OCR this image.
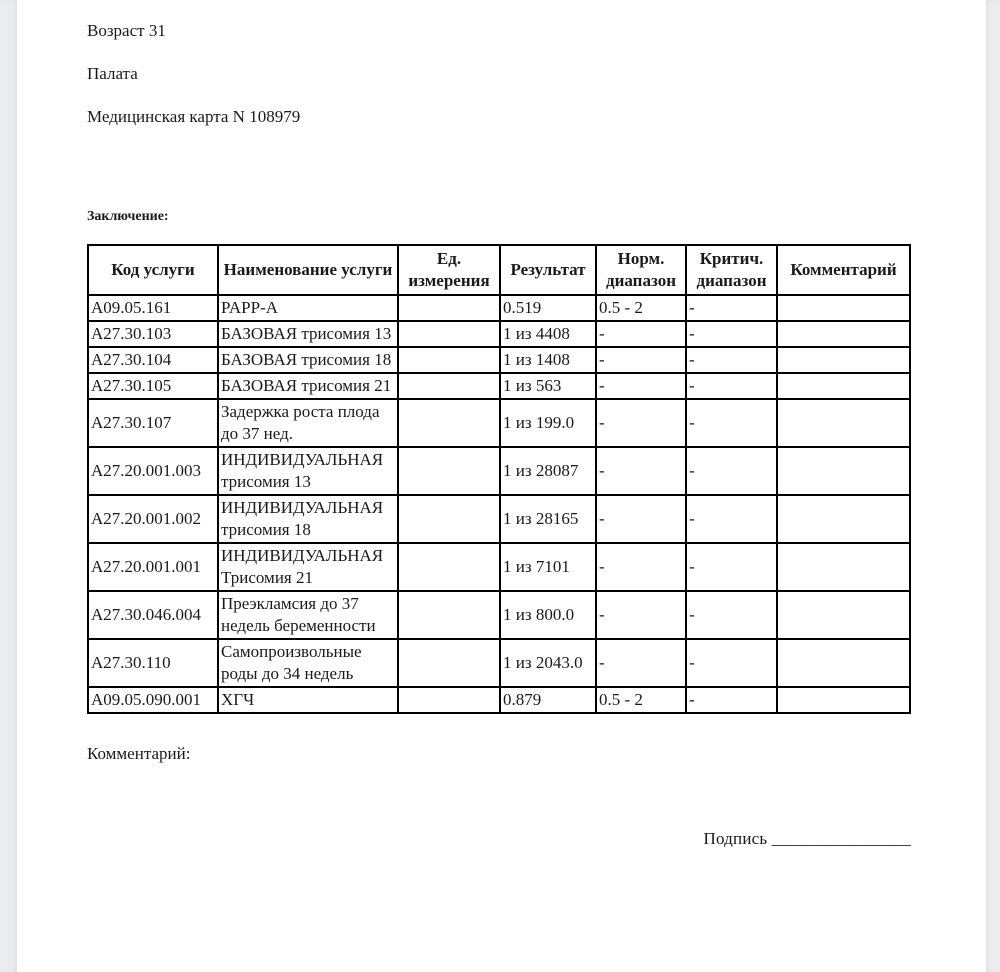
Возраст 31

Палата

Медицинская карта N 108979

Заключение:

Код услуги	Наименование услуги	Ед. измерения	Результат	Норм. диапазон	Критич. диапазон	Комментарий
A09.05.161	PAPP-A		0.519	0.5 - 2	-	
A27.30.103	БАЗОВАЯ трисомия 13		1 из 4408	-	-	
A27.30.104	БАЗОВАЯ трисомия 18		1 из 1408	-	-	
A27.30.105	БАЗОВАЯ трисомия 21		1 из 563	-	-	
A27.30.107	Задержка роста плода до 37 нед.		1 из 199.0	-	-	
A27.20.001.003	ИНДИВИДУАЛЬНАЯ трисомия 13		1 из 28087	-	-	
A27.20.001.002	ИНДИВИДУАЛЬНАЯ трисомия 18		1 из 28165	-	-	
A27.20.001.001	ИНДИВИДУАЛЬНАЯ Трисомия 21		1 из 7101	-	-	
A27.30.046.004	Преэкламсия до 37 недель беременности		1 из 800.0	-	-	
A27.30.110	Самопроизвольные роды до 34 недель		1 из 2043.0	-	-	
A09.05.090.001	ХГЧ		0.879	0.5 - 2	-	

Комментарий:

Подпись ________________
